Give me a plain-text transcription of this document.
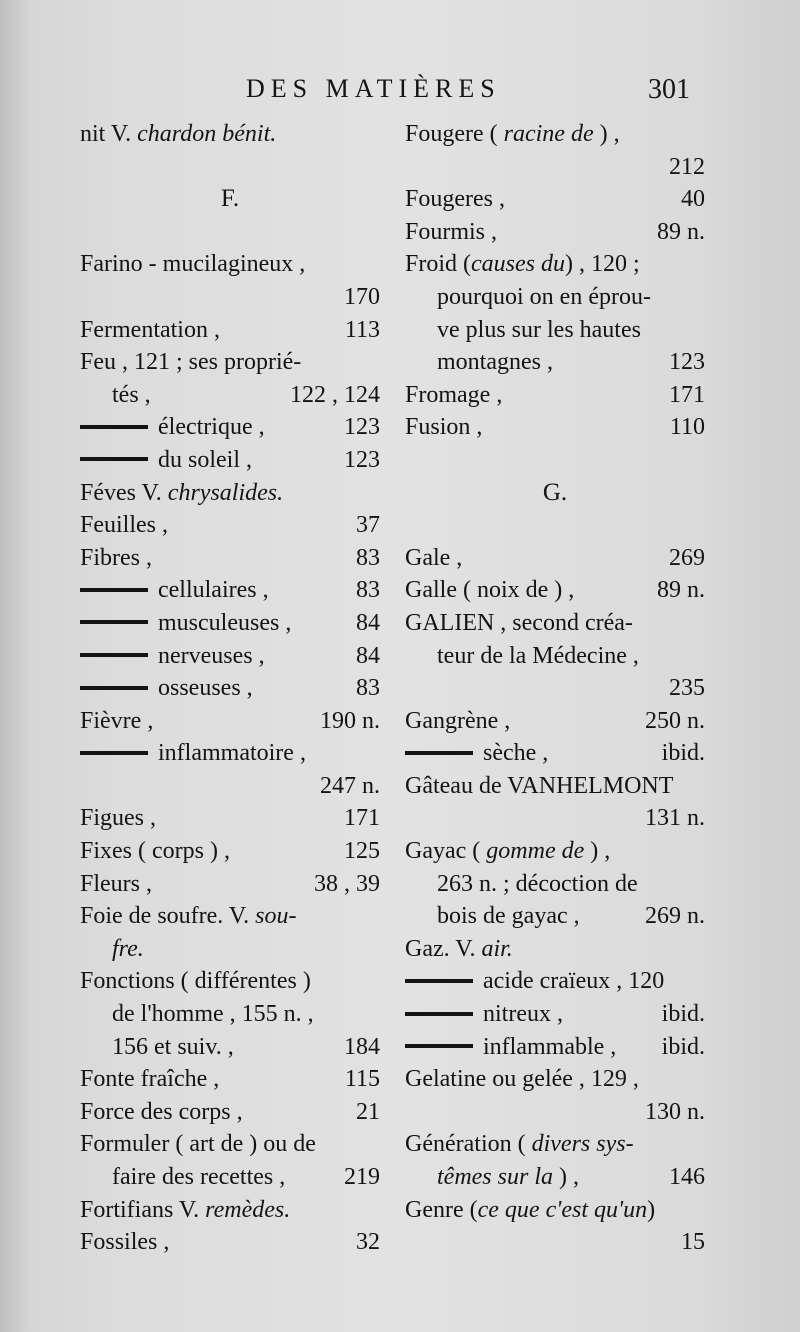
DES MATIÈRES	301
nit V. chardon bénit.
F.
Farino - mucilagineux ,
170
Fermentation ,	113
Feu , 121 ; ses proprié-
tés ,	122 , 124
électrique ,	123
du soleil ,	123
Féves V. chrysalides.
Feuilles ,	37
Fibres ,	83
cellulaires ,	83
musculeuses ,	84
nerveuses ,	84
osseuses ,	83
Fièvre ,	190 n.
inflammatoire ,
247 n.
Figues ,	171
Fixes ( corps ) ,	125
Fleurs ,	38 , 39
Foie de soufre. V. sou-
fre.
Fonctions ( différentes )
de l'homme , 155 n. ,
156 et suiv. ,	184
Fonte fraîche ,	115
Force des corps ,	21
Formuler ( art de ) ou de
faire des recettes , 219
Fortifians V. remèdes.
Fossiles ,	32
Fougere ( racine de ) ,
212
Fougeres ,	40
Fourmis ,	89 n.
Froid (causes du) , 120 ;
pourquoi on en éprou-
ve plus sur les hautes
montagnes ,	123
Fromage ,	171
Fusion ,	110
G.
Gale ,	269
Galle ( noix de ) ,	89 n.
GALIEN , second créa-
teur de la Médecine ,
235
Gangrène ,	250 n.
sèche ,	ibid.
Gâteau de VANHELMONT
131 n.
Gayac ( gomme de ) ,
263 n. ; décoction de
bois de gayac ,	269 n.
Gaz. V. air.
acide craïeux , 120
nitreux ,	ibid.
inflammable , ibid.
Gelatine ou gelée , 129 ,
130 n.
Génération ( divers sys-
têmes sur la ) ,	146
Genre (ce que c'est qu'un)
15
